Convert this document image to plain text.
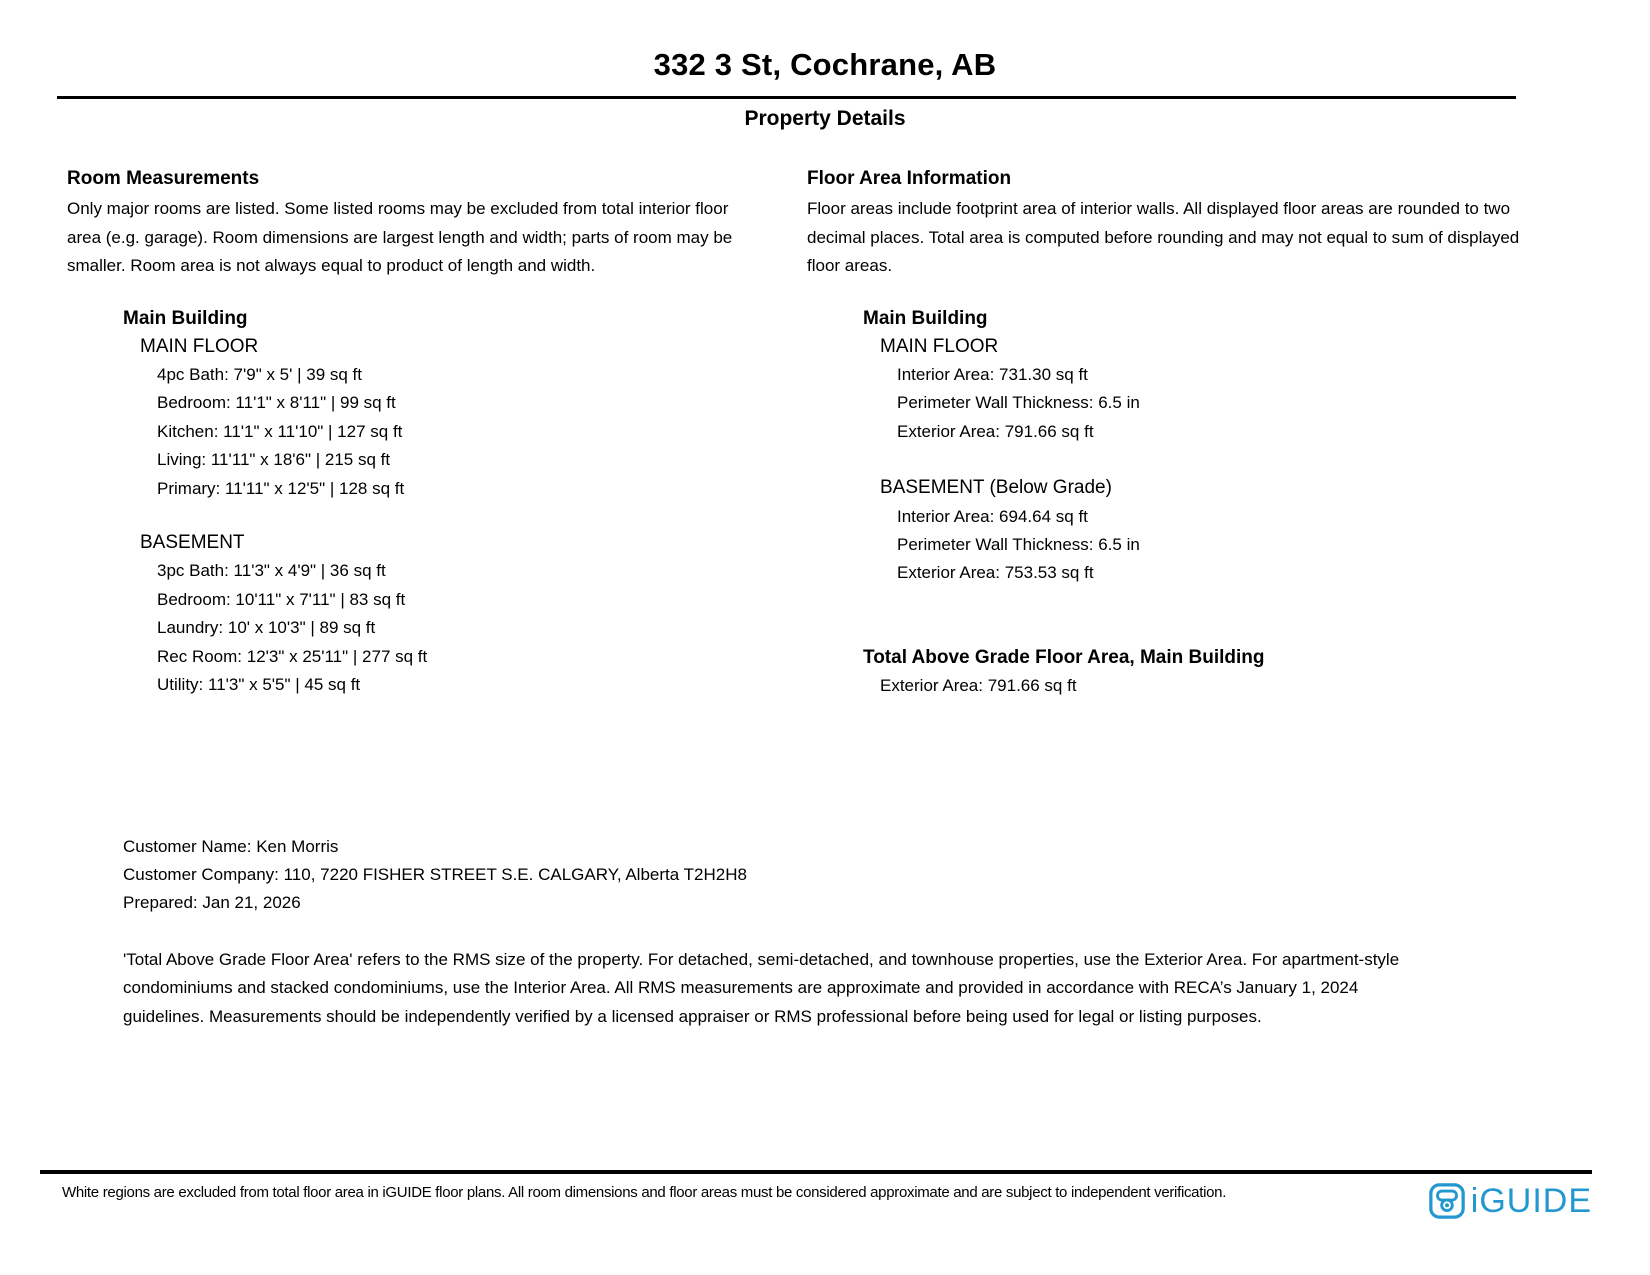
332 3 St, Cochrane, AB
Property Details
Room Measurements

Only major rooms are listed. Some listed rooms may be excluded from total interior floor area (e.g. garage). Room dimensions are largest length and width; parts of room may be smaller. Room area is not always equal to product of length and width.

Main Building
MAIN FLOOR
4pc Bath: 7'9" x 5' | 39 sq ft
Bedroom: 11'1" x 8'11" | 99 sq ft
Kitchen: 11'1" x 11'10" | 127 sq ft
Living: 11'11" x 18'6" | 215 sq ft
Primary: 11'11" x 12'5" | 128 sq ft
BASEMENT
3pc Bath: 11'3" x 4'9" | 36 sq ft
Bedroom: 10'11" x 7'11" | 83 sq ft
Laundry: 10' x 10'3" | 89 sq ft
Rec Room: 12'3" x 25'11" | 277 sq ft
Utility: 11'3" x 5'5" | 45 sq ft
Floor Area Information

Floor areas include footprint area of interior walls. All displayed floor areas are rounded to two decimal places. Total area is computed before rounding and may not equal to sum of displayed floor areas.

Main Building
MAIN FLOOR
Interior Area: 731.30 sq ft
Perimeter Wall Thickness: 6.5 in
Exterior Area: 791.66 sq ft
BASEMENT (Below Grade)
Interior Area: 694.64 sq ft
Perimeter Wall Thickness: 6.5 in
Exterior Area: 753.53 sq ft
Total Above Grade Floor Area, Main Building
Exterior Area: 791.66 sq ft
Customer Name: Ken Morris
Customer Company: 110, 7220 FISHER STREET S.E. CALGARY, Alberta T2H2H8
Prepared: Jan 21, 2026

'Total Above Grade Floor Area' refers to the RMS size of the property. For detached, semi-detached, and townhouse properties, use the Exterior Area. For apartment-style condominiums and stacked condominiums, use the Interior Area. All RMS measurements are approximate and provided in accordance with RECA’s January 1, 2024 guidelines. Measurements should be independently verified by a licensed appraiser or RMS professional before being used for legal or listing purposes.

White regions are excluded from total floor area in iGUIDE floor plans. All room dimensions and floor areas must be considered approximate and are subject to independent verification.	iGUIDE
